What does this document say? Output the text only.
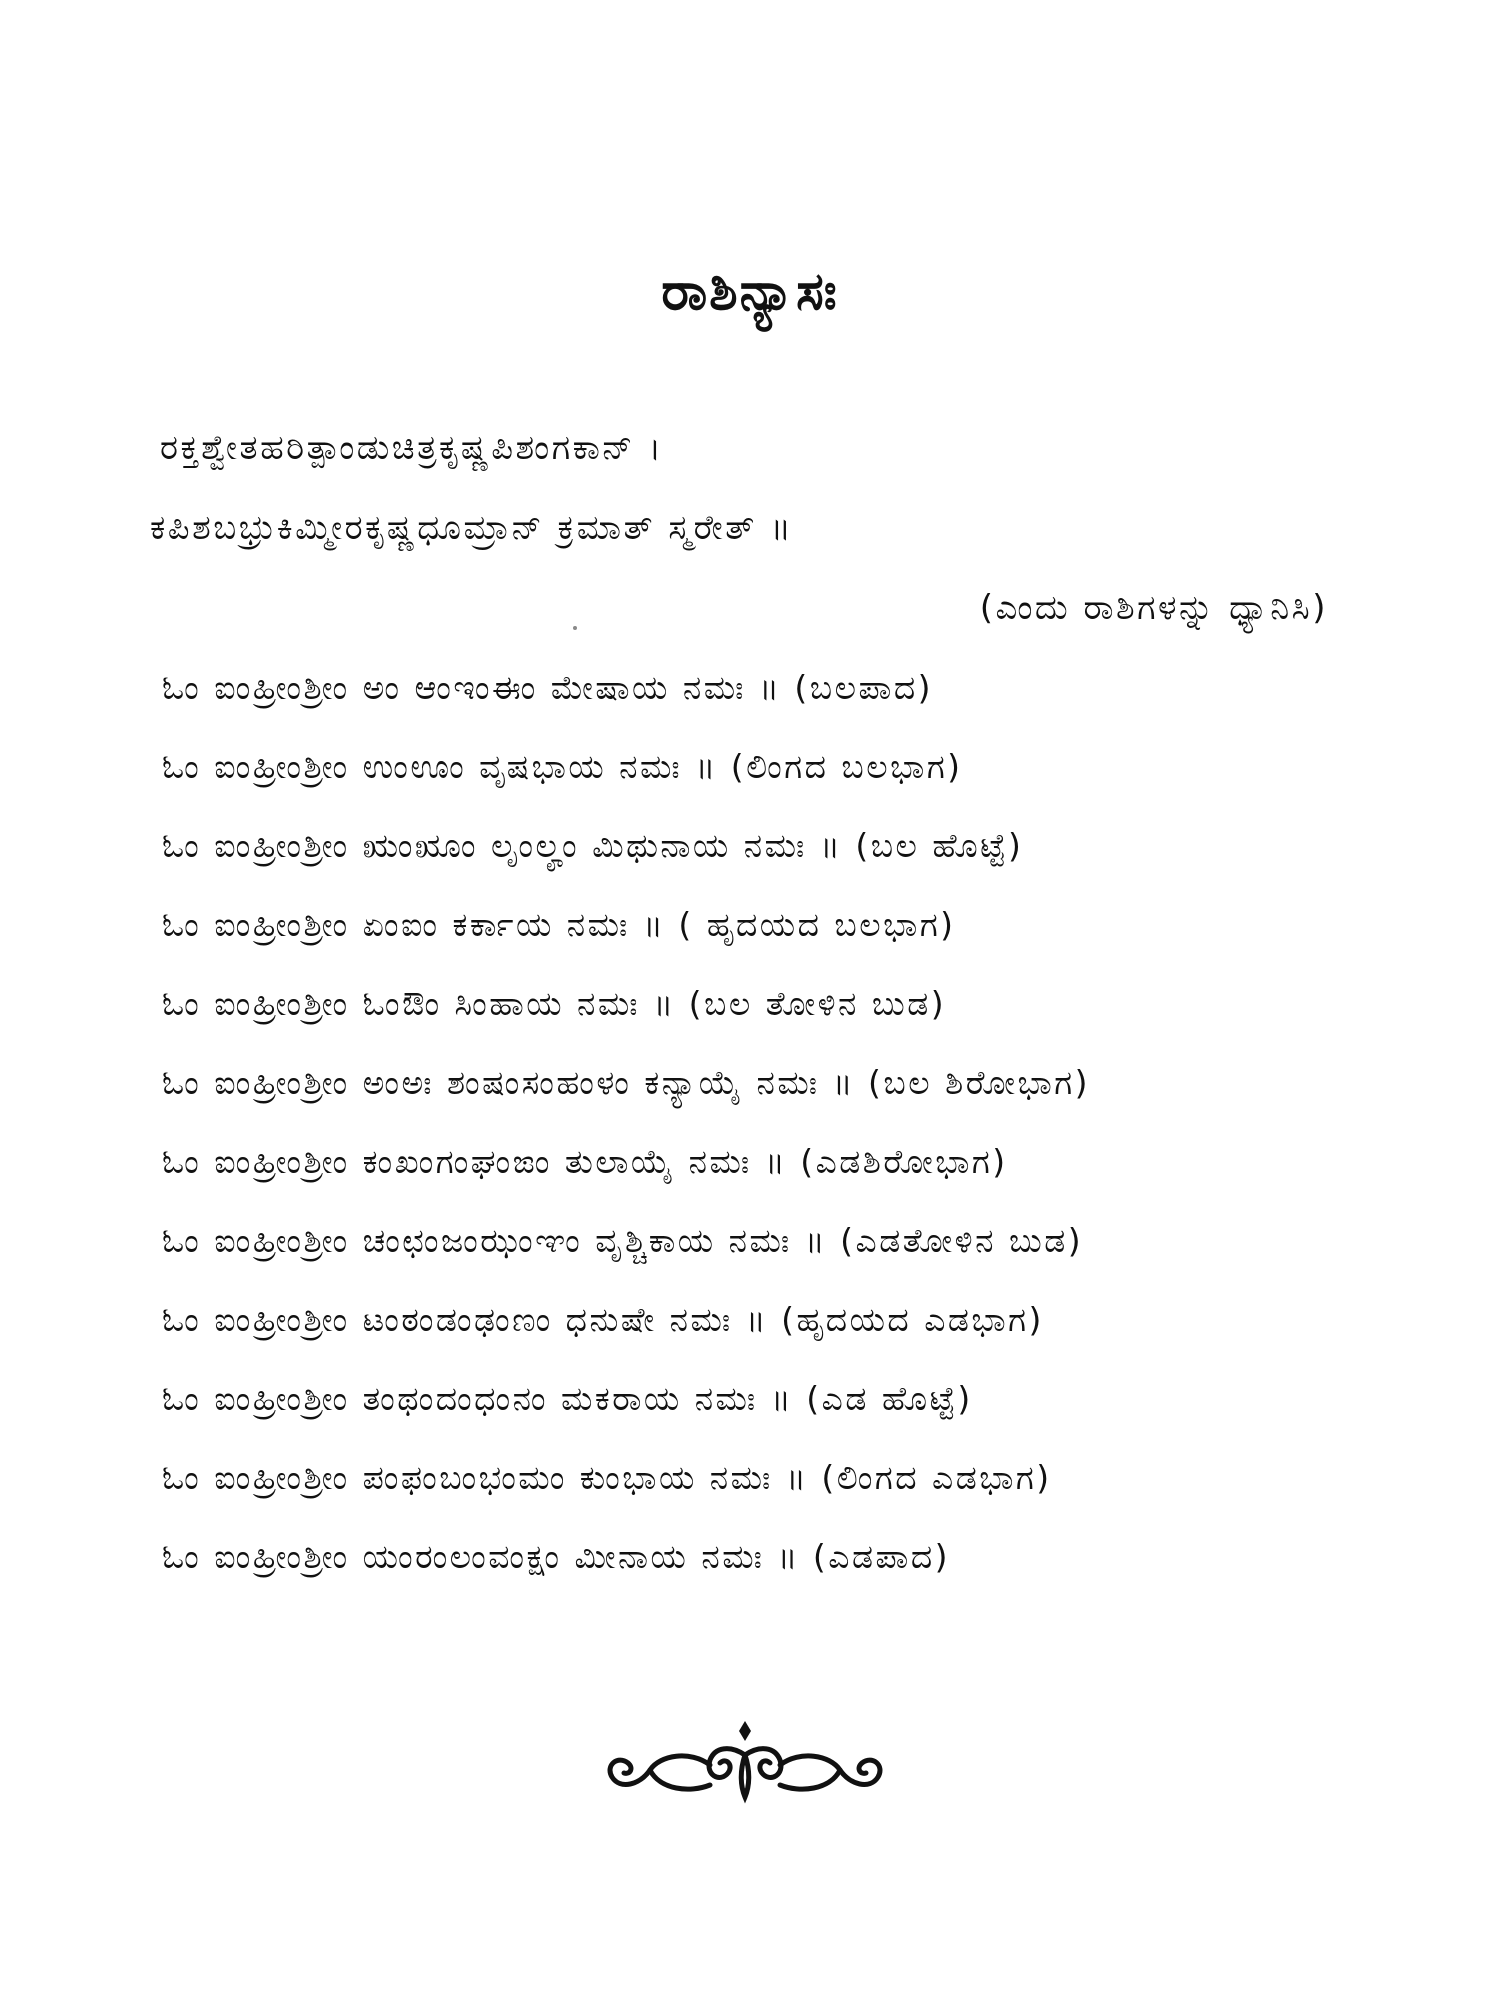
ರಾಶಿನ್ಯಾಸಃ
ರಕ್ತಶ್ವೇತಹರಿತ್ಪಾಂಡುಚಿತ್ರಕೃಷ್ಣಪಿಶಂಗಕಾನ್ ।
ಕಪಿಶಬಭ್ರುಕಿಮ್ಮೀರಕೃಷ್ಣಧೂಮ್ರಾನ್ ಕ್ರಮಾತ್ ಸ್ಮರೇತ್ ॥
(ಎಂದು ರಾಶಿಗಳನ್ನು ಧ್ಯಾನಿಸಿ)
ಓಂ ಐಂಹ್ರೀಂಶ್ರೀಂ ಅಂ ಆಂಇಂಈಂ ಮೇಷಾಯ ನಮಃ ॥ (ಬಲಪಾದ)
ಓಂ ಐಂಹ್ರೀಂಶ್ರೀಂ ಉಂಊಂ ವೃಷಭಾಯ ನಮಃ ॥ (ಲಿಂಗದ ಬಲಭಾಗ)
ಓಂ ಐಂಹ್ರೀಂಶ್ರೀಂ ಋಂೠಂ ಲೃಂಲೄಂ ಮಿಥುನಾಯ ನಮಃ ॥ (ಬಲ ಹೊಟ್ಟೆ)
ಓಂ ಐಂಹ್ರೀಂಶ್ರೀಂ ಏಂಐಂ ಕರ್ಕಾಯ ನಮಃ ॥ ( ಹೃದಯದ ಬಲಭಾಗ)
ಓಂ ಐಂಹ್ರೀಂಶ್ರೀಂ ಓಂಔಂ ಸಿಂಹಾಯ ನಮಃ ॥ (ಬಲ ತೋಳಿನ ಬುಡ)
ಓಂ ಐಂಹ್ರೀಂಶ್ರೀಂ ಅಂಅಃ ಶಂಷಂಸಂಹಂಳಂ ಕನ್ಯಾಯೈ ನಮಃ ॥ (ಬಲ ಶಿರೋಭಾಗ)
ಓಂ ಐಂಹ್ರೀಂಶ್ರೀಂ ಕಂಖಂಗಂಘಂಙಂ ತುಲಾಯೈ ನಮಃ ॥ (ಎಡಶಿರೋಭಾಗ)
ಓಂ ಐಂಹ್ರೀಂಶ್ರೀಂ ಚಂಛಂಜಂಝಂಞಂ ವೃಶ್ಚಿಕಾಯ ನಮಃ ॥ (ಎಡತೋಳಿನ ಬುಡ)
ಓಂ ಐಂಹ್ರೀಂಶ್ರೀಂ ಟಂಠಂಡಂಢಂಣಂ ಧನುಷೇ ನಮಃ ॥ (ಹೃದಯದ ಎಡಭಾಗ)
ಓಂ ಐಂಹ್ರೀಂಶ್ರೀಂ ತಂಥಂದಂಧಂನಂ ಮಕರಾಯ ನಮಃ ॥ (ಎಡ ಹೊಟ್ಟೆ)
ಓಂ ಐಂಹ್ರೀಂಶ್ರೀಂ ಪಂಫಂಬಂಭಂಮಂ ಕುಂಭಾಯ ನಮಃ ॥ (ಲಿಂಗದ ಎಡಭಾಗ)
ಓಂ ಐಂಹ್ರೀಂಶ್ರೀಂ ಯಂರಂಲಂವಂಕ್ಷಂ ಮೀನಾಯ ನಮಃ ॥ (ಎಡಪಾದ)
